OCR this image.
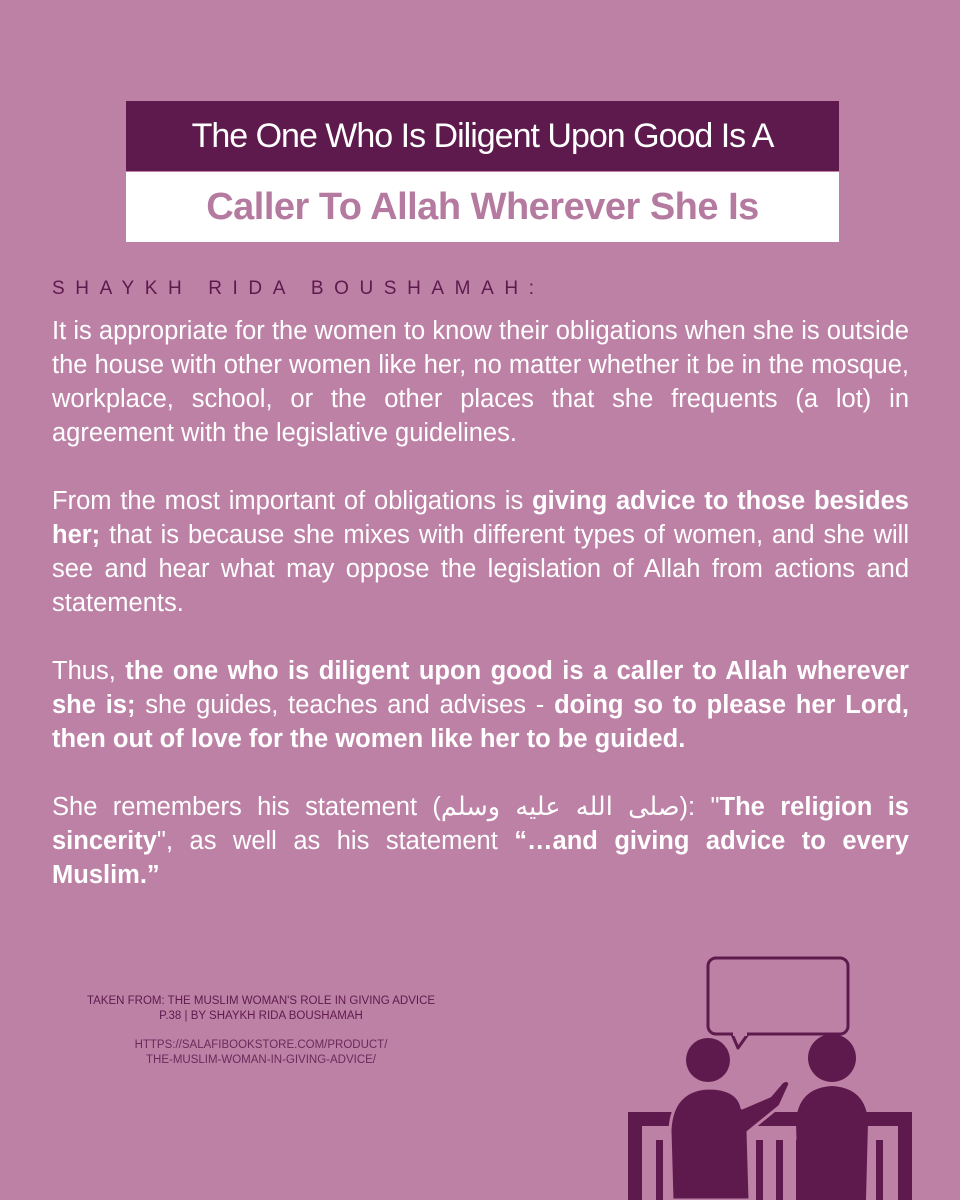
The One Who Is Diligent Upon Good Is A
Caller To Allah Wherever She Is
SHAYKH RIDA BOUSHAMAH:

It is appropriate for the women to know their obligations when she is outside the house with other women like her, no matter whether it be in the mosque, workplace, school, or the other places that she frequents (a lot) in agreement with the legislative guidelines.

From the most important of obligations is giving advice to those besides her; that is because she mixes with different types of women, and she will see and hear what may oppose the legislation of Allah from actions and statements.

Thus, the one who is diligent upon good is a caller to Allah wherever she is; she guides, teaches and advises - doing so to please her Lord, then out of love for the women like her to be guided.

She remembers his statement (صلى الله عليه وسلم): "The religion is sincerity", as well as his statement “…and giving advice to every Muslim.”

TAKEN FROM: THE MUSLIM WOMAN'S ROLE IN GIVING ADVICE
P.38 | BY SHAYKH RIDA BOUSHAMAH
HTTPS://SALAFIBOOKSTORE.COM/PRODUCT/
THE-MUSLIM-WOMAN-IN-GIVING-ADVICE/
